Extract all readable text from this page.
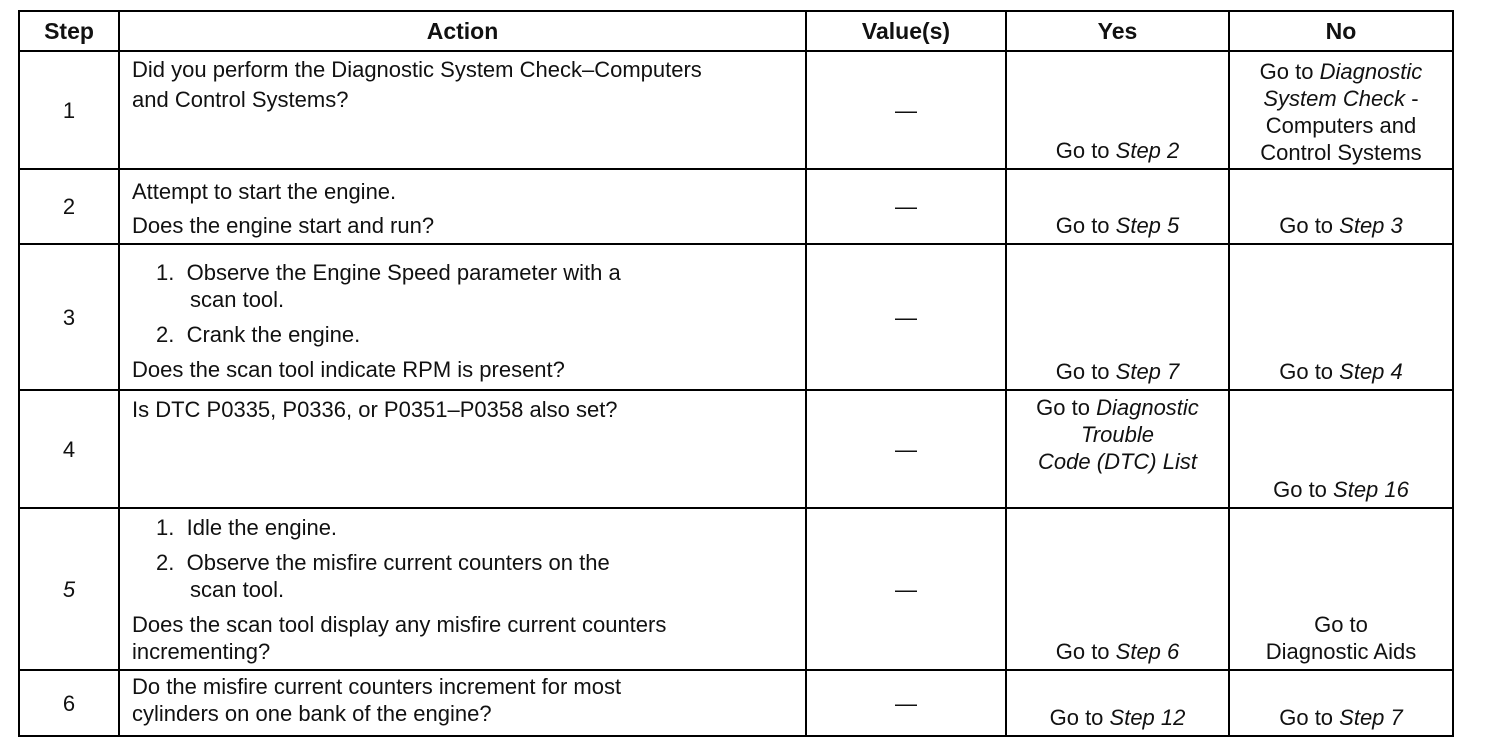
Step	Action	Value(s)	Yes	No
1	Did you perform the Diagnostic System Check–Computers
and Control Systems?	—	Go to Step 2	Go to Diagnostic
System Check -
Computers and
Control Systems

2	Attempt to start the engine.
Does the engine start and run?	—	Go to Step 5	Go to Step 3
3	1. Observe the Engine Speed parameter with a
scan tool.
2. Crank the engine.
Does the scan tool indicate RPM is present?	—	Go to Step 7	Go to Step 4
4	Is DTC P0335, P0336, or P0351–P0358 also set?	—	Go to Diagnostic
Trouble
Code (DTC) List	Go to Step 16
5	1. Idle the engine.
2. Observe the misfire current counters on the
scan tool.
Does the scan tool display any misfire current counters
incrementing?	—	Go to Step 6	Go to
Diagnostic Aids

6	Do the misfire current counters increment for most
cylinders on one bank of the engine?	—	Go to Step 12	Go to Step 7
